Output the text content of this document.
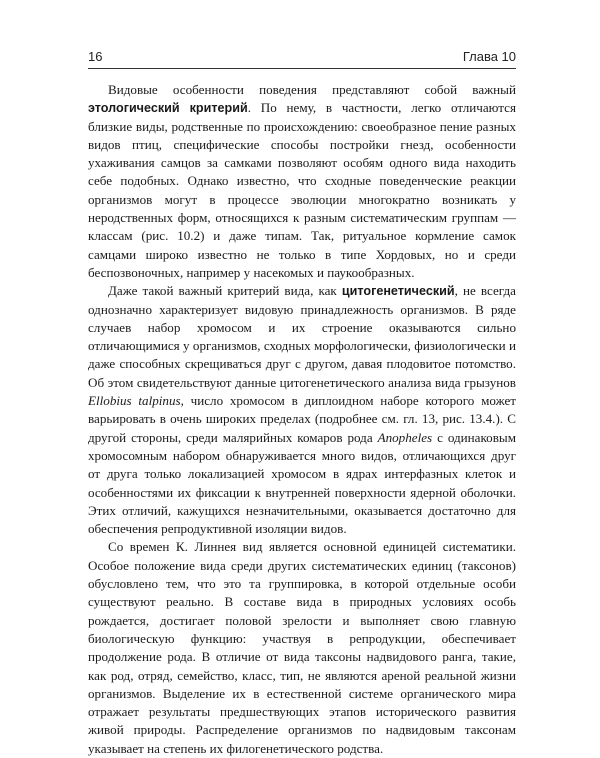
16	Глава 10

Видовые особенности поведения представляют собой важный этологический критерий. По нему, в частности, легко отличаются близкие виды, родственные по происхождению: своеобразное пение разных видов птиц, специфические способы постройки гнезд, особенности ухаживания самцов за самками позволяют особям одного вида находить себе подобных. Однако известно, что сходные поведенческие реакции организмов могут в процессе эволюции многократно возникать у неродственных форм, относящихся к разным систематическим группам — классам (рис. 10.2) и даже типам. Так, ритуальное кормление самок самцами широко известно не только в типе Хордовых, но и среди беспозвоночных, например у насекомых и паукообразных.

Даже такой важный критерий вида, как цитогенетический, не всегда однозначно характеризует видовую принадлежность организмов. В ряде случаев набор хромосом и их строение оказываются сильно отличающимися у организмов, сходных морфологически, физиологически и даже способных скрещиваться друг с другом, давая плодовитое потомство. Об этом свидетельствуют данные цитогенетического анализа вида грызунов Ellobius talpinus, число хромосом в диплоидном наборе которого может варьировать в очень широких пределах (подробнее см. гл. 13, рис. 13.4.). С другой стороны, среди малярийных комаров рода Anopheles с одинаковым хромосомным набором обнаруживается много видов, отличающихся друг от друга только локализацией хромосом в ядрах интерфазных клеток и особенностями их фиксации к внутренней поверхности ядерной оболочки. Этих отличий, кажущихся незначительными, оказывается достаточно для обеспечения репродуктивной изоляции видов.

Со времен К. Линнея вид является основной единицей систематики. Особое положение вида среди других систематических единиц (таксонов) обусловлено тем, что это та группировка, в которой отдельные особи существуют реально. В составе вида в природных условиях особь рождается, достигает половой зрелости и выполняет свою главную биологическую функцию: участвуя в репродукции, обеспечивает продолжение рода. В отличие от вида таксоны надвидового ранга, такие, как род, отряд, семейство, класс, тип, не являются ареной реальной жизни организмов. Выделение их в естественной системе органического мира отражает результаты предшествующих этапов исторического развития живой природы. Распределение организмов по надвидовым таксонам указывает на степень их филогенетического родства.
